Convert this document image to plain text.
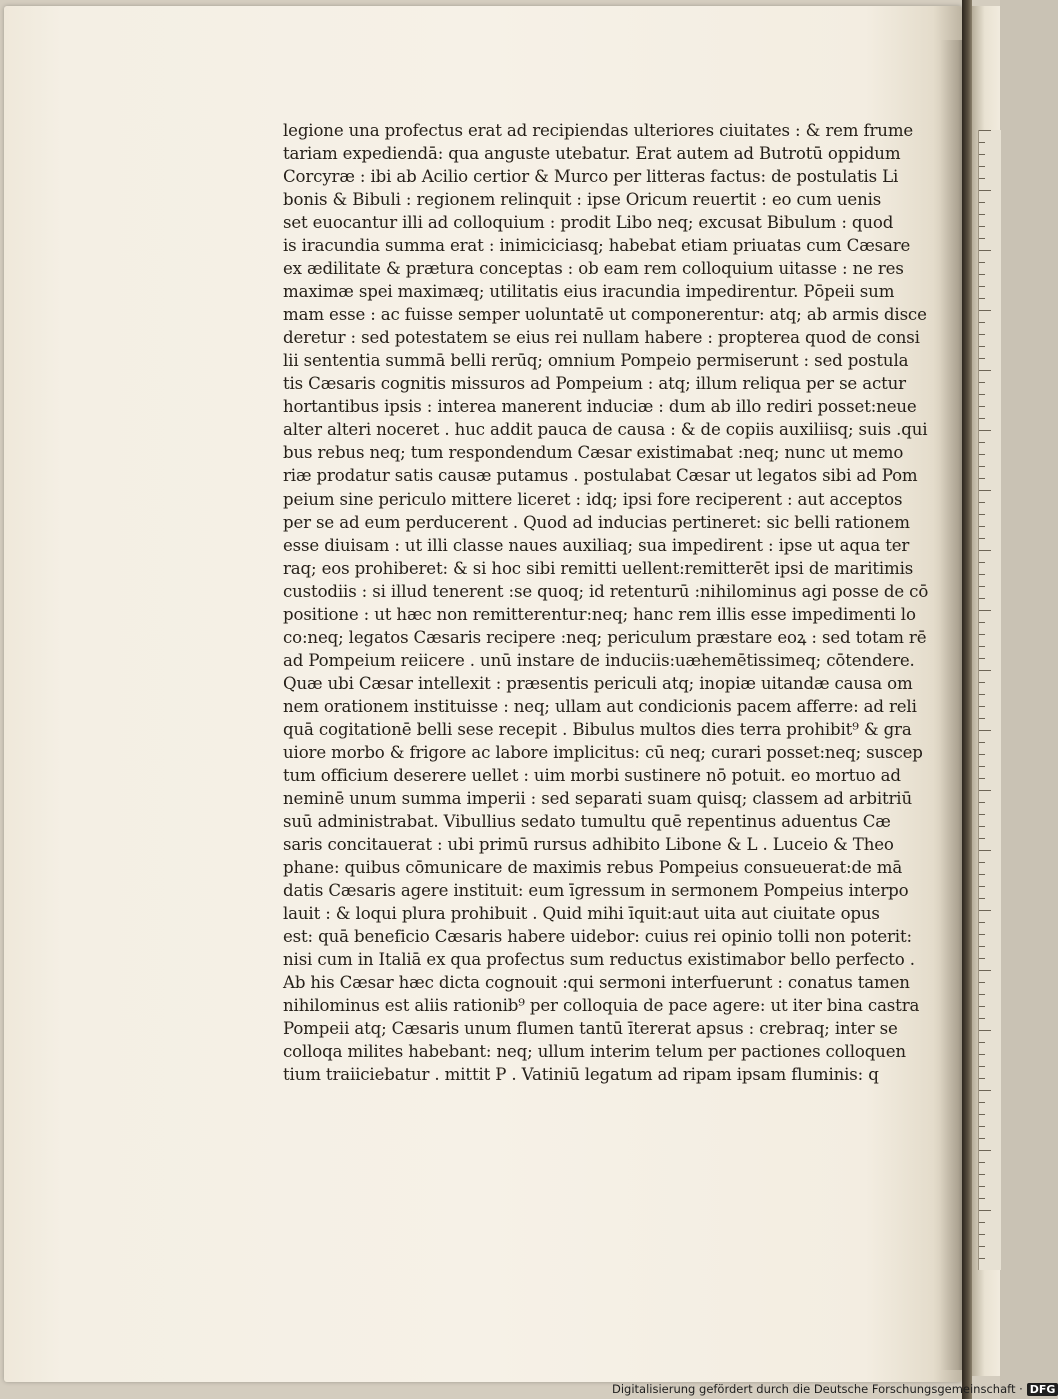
legione una profectus erat ad recipiendas ulteriores ciuitates : & rem frume
tariam expediendā: qua anguste utebatur. Erat autem ad Butrotū oppidum
Corcyræ : ibi ab Acilio certior & Murco per litteras factus: de postulatis Li
bonis & Bibuli : regionem relinquit : ipse Oricum reuertit : eo cum uenis
set euocantur illi ad colloquium : prodit Libo neq; excusat Bibulum : quod
is iracundia summa erat : inimiciciasq; habebat etiam priuatas cum Cæsare
ex ædilitate & prætura conceptas : ob eam rem colloquium uitasse : ne res
maximæ spei maximæq; utilitatis eius iracundia impedirentur. Pōpeii sum
mam esse : ac fuisse semper uoluntatē ut componerentur: atq; ab armis disce
deretur : sed potestatem se eius rei nullam habere : propterea quod de consi
lii sententia summā belli rerūq; omnium Pompeio permiserunt : sed postula
tis Cæsaris cognitis missuros ad Pompeium : atq; illum reliqua per se actur
hortantibus ipsis : interea manerent induciæ : dum ab illo rediri posset:neue
alter alteri noceret . huc addit pauca de causa : & de copiis auxiliisq; suis .qui
bus rebus neq; tum respondendum Cæsar existimabat :neq; nunc ut memo
riæ prodatur satis causæ putamus . postulabat Cæsar ut legatos sibi ad Pom
peium sine periculo mittere liceret : idq; ipsi fore reciperent : aut acceptos
per se ad eum perducerent . Quod ad inducias pertineret: sic belli rationem
esse diuisam : ut illi classe naues auxiliaq; sua impedirent : ipse ut aqua ter
raq; eos prohiberet: & si hoc sibi remitti uellent:remitterēt ipsi de maritimis
custodiis : si illud tenerent :se quoq; id retenturū :nihilominus agi posse de cō
positione : ut hæc non remitterentur:neq; hanc rem illis esse impedimenti lo
co:neq; legatos Cæsaris recipere :neq; periculum præstare eoꝝ : sed totam rē
ad Pompeium reiicere . unū instare de induciis:uæhemētissimeq; cōtendere.
Quæ ubi Cæsar intellexit : præsentis periculi atq; inopiæ uitandæ causa om
nem orationem instituisse : neq; ullam aut condicionis pacem afferre: ad reli
quā cogitationē belli sese recepit . Bibulus multos dies terra prohibit⁹ & gra
uiore morbo & frigore ac labore implicitus: cū neq; curari posset:neq; suscep
tum officium deserere uellet : uim morbi sustinere nō potuit. eo mortuo ad
neminē unum summa imperii : sed separati suam quisq; classem ad arbitriū
suū administrabat. Vibullius sedato tumultu quē repentinus aduentus Cæ
saris concitauerat : ubi primū rursus adhibito Libone & L . Luceio & Theo
phane: quibus cōmunicare de maximis rebus Pompeius consueuerat:de mā
datis Cæsaris agere instituit: eum īgressum in sermonem Pompeius interpo
lauit : & loqui plura prohibuit . Quid mihi īquit:aut uita aut ciuitate opus
est: quā beneficio Cæsaris habere uidebor: cuius rei opinio tolli non poterit:
nisi cum in Italiā ex qua profectus sum reductus existimabor bello perfecto .
Ab his Cæsar hæc dicta cognouit :qui sermoni interfuerunt : conatus tamen
nihilominus est aliis rationib⁹ per colloquia de pace agere: ut iter bina castra
Pompeii atq; Cæsaris unum flumen tantū ītererat apsus : crebraq; inter se
colloqa milites habebant: neq; ullum interim telum per pactiones colloquen
tium traiiciebatur . mittit P . Vatiniū legatum ad ripam ipsam fluminis: q
Digitalisierung gefördert durch die Deutsche Forschungsgemeinschaft · DFG
